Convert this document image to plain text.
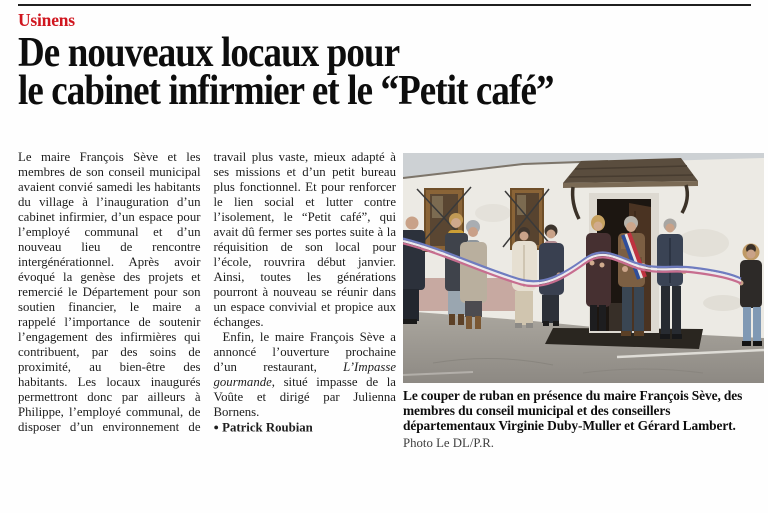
Usinens
De nouveaux locaux pour
le cabinet infirmier et le “Petit café”

Le maire François Sève et les membres de son conseil municipal avaient convié samedi les habitants du village à l’inauguration d’un cabinet infirmier, d’un espace pour l’employé communal et d’un nouveau lieu de rencontre intergénérationnel. Après avoir évoqué la genèse des projets et remercié le Département pour son soutien financier, le maire a rappelé l’importance de soutenir l’engagement des infirmières qui contribuent, par des soins de proximité, au bien-être des habitants. Les locaux inaugurés permettront donc par ailleurs à Philippe, l’employé communal, de disposer d’un environnement de travail plus vaste, mieux adapté à ses missions et d’un petit bureau plus fonctionnel. Et pour renforcer le lien social et lutter contre l’isolement, le “Petit café”, qui avait dû fermer ses portes suite à la réquisition de son local pour l’école, rouvrira début janvier. Ainsi, toutes les générations pourront à nouveau se réunir dans un espace convivial et propice aux échanges.

Enfin, le maire François Sève a annoncé l’ouverture prochaine d’un restaurant, L’Impasse gourmande, situé impasse de la Voûte et dirigé par Julienna Bornens.

● Patrick Roubian

Le couper de ruban en présence du maire François Sève, des membres du conseil municipal et des conseillers départementaux Virginie Duby-Muller et Gérard Lambert.
Photo Le DL/P.R.
